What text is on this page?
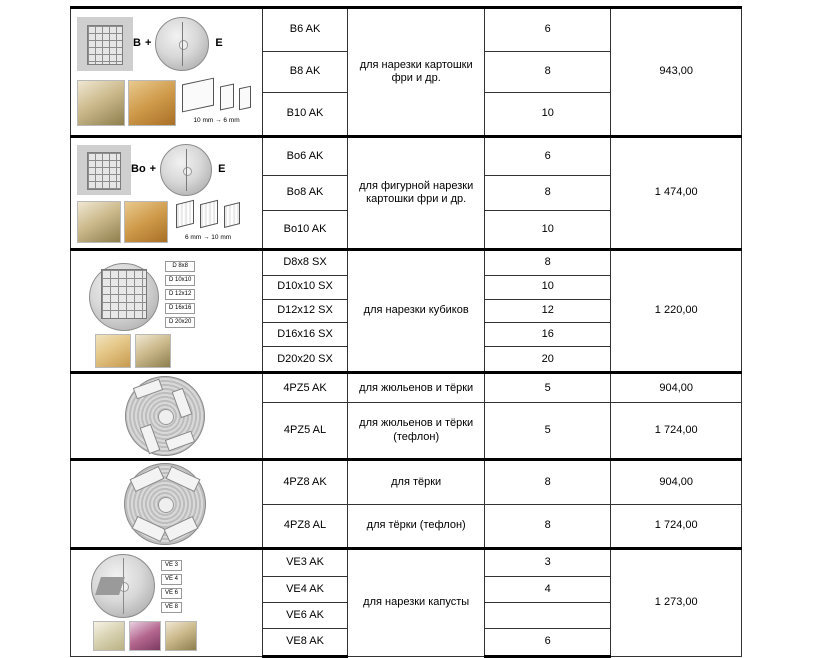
B + E

10 mm → 6 mm	B6 AK	для нарезки картошки фри и др.	6	943,00
	B8 AK		8	
	B10 AK		10	

Bo + E

6 mm → 10 mm	Bo6 AK	для фигурной нарезки картошки фри и др.	6	1 474,00
	Bo8 AK		8	
	Bo10 AK		10	

D 8x8
D 10x10
D 12x12
D 16x16
D 20x20	D8x8 SX	для нарезки кубиков	8	1 220,00
	D10x10 SX		10	
	D12x12 SX		12	
	D16x16 SX		16	
	D20x20 SX		20	

	4PZ5 AK	для жюльенов и тёрки	5	904,00
	4PZ5 AL	для жюльенов и тёрки (тефлон)	5	1 724,00

	4PZ8 AK	для тёрки	8	904,00
	4PZ8 AL	для тёрки (тефлон)	8	1 724,00

VE 3
VE 4
VE 6
VE 8	VE3 AK	для нарезки капусты	3	1 273,00
	VE4 AK		4	
	VE6 AK			
	VE8 AK		6	
